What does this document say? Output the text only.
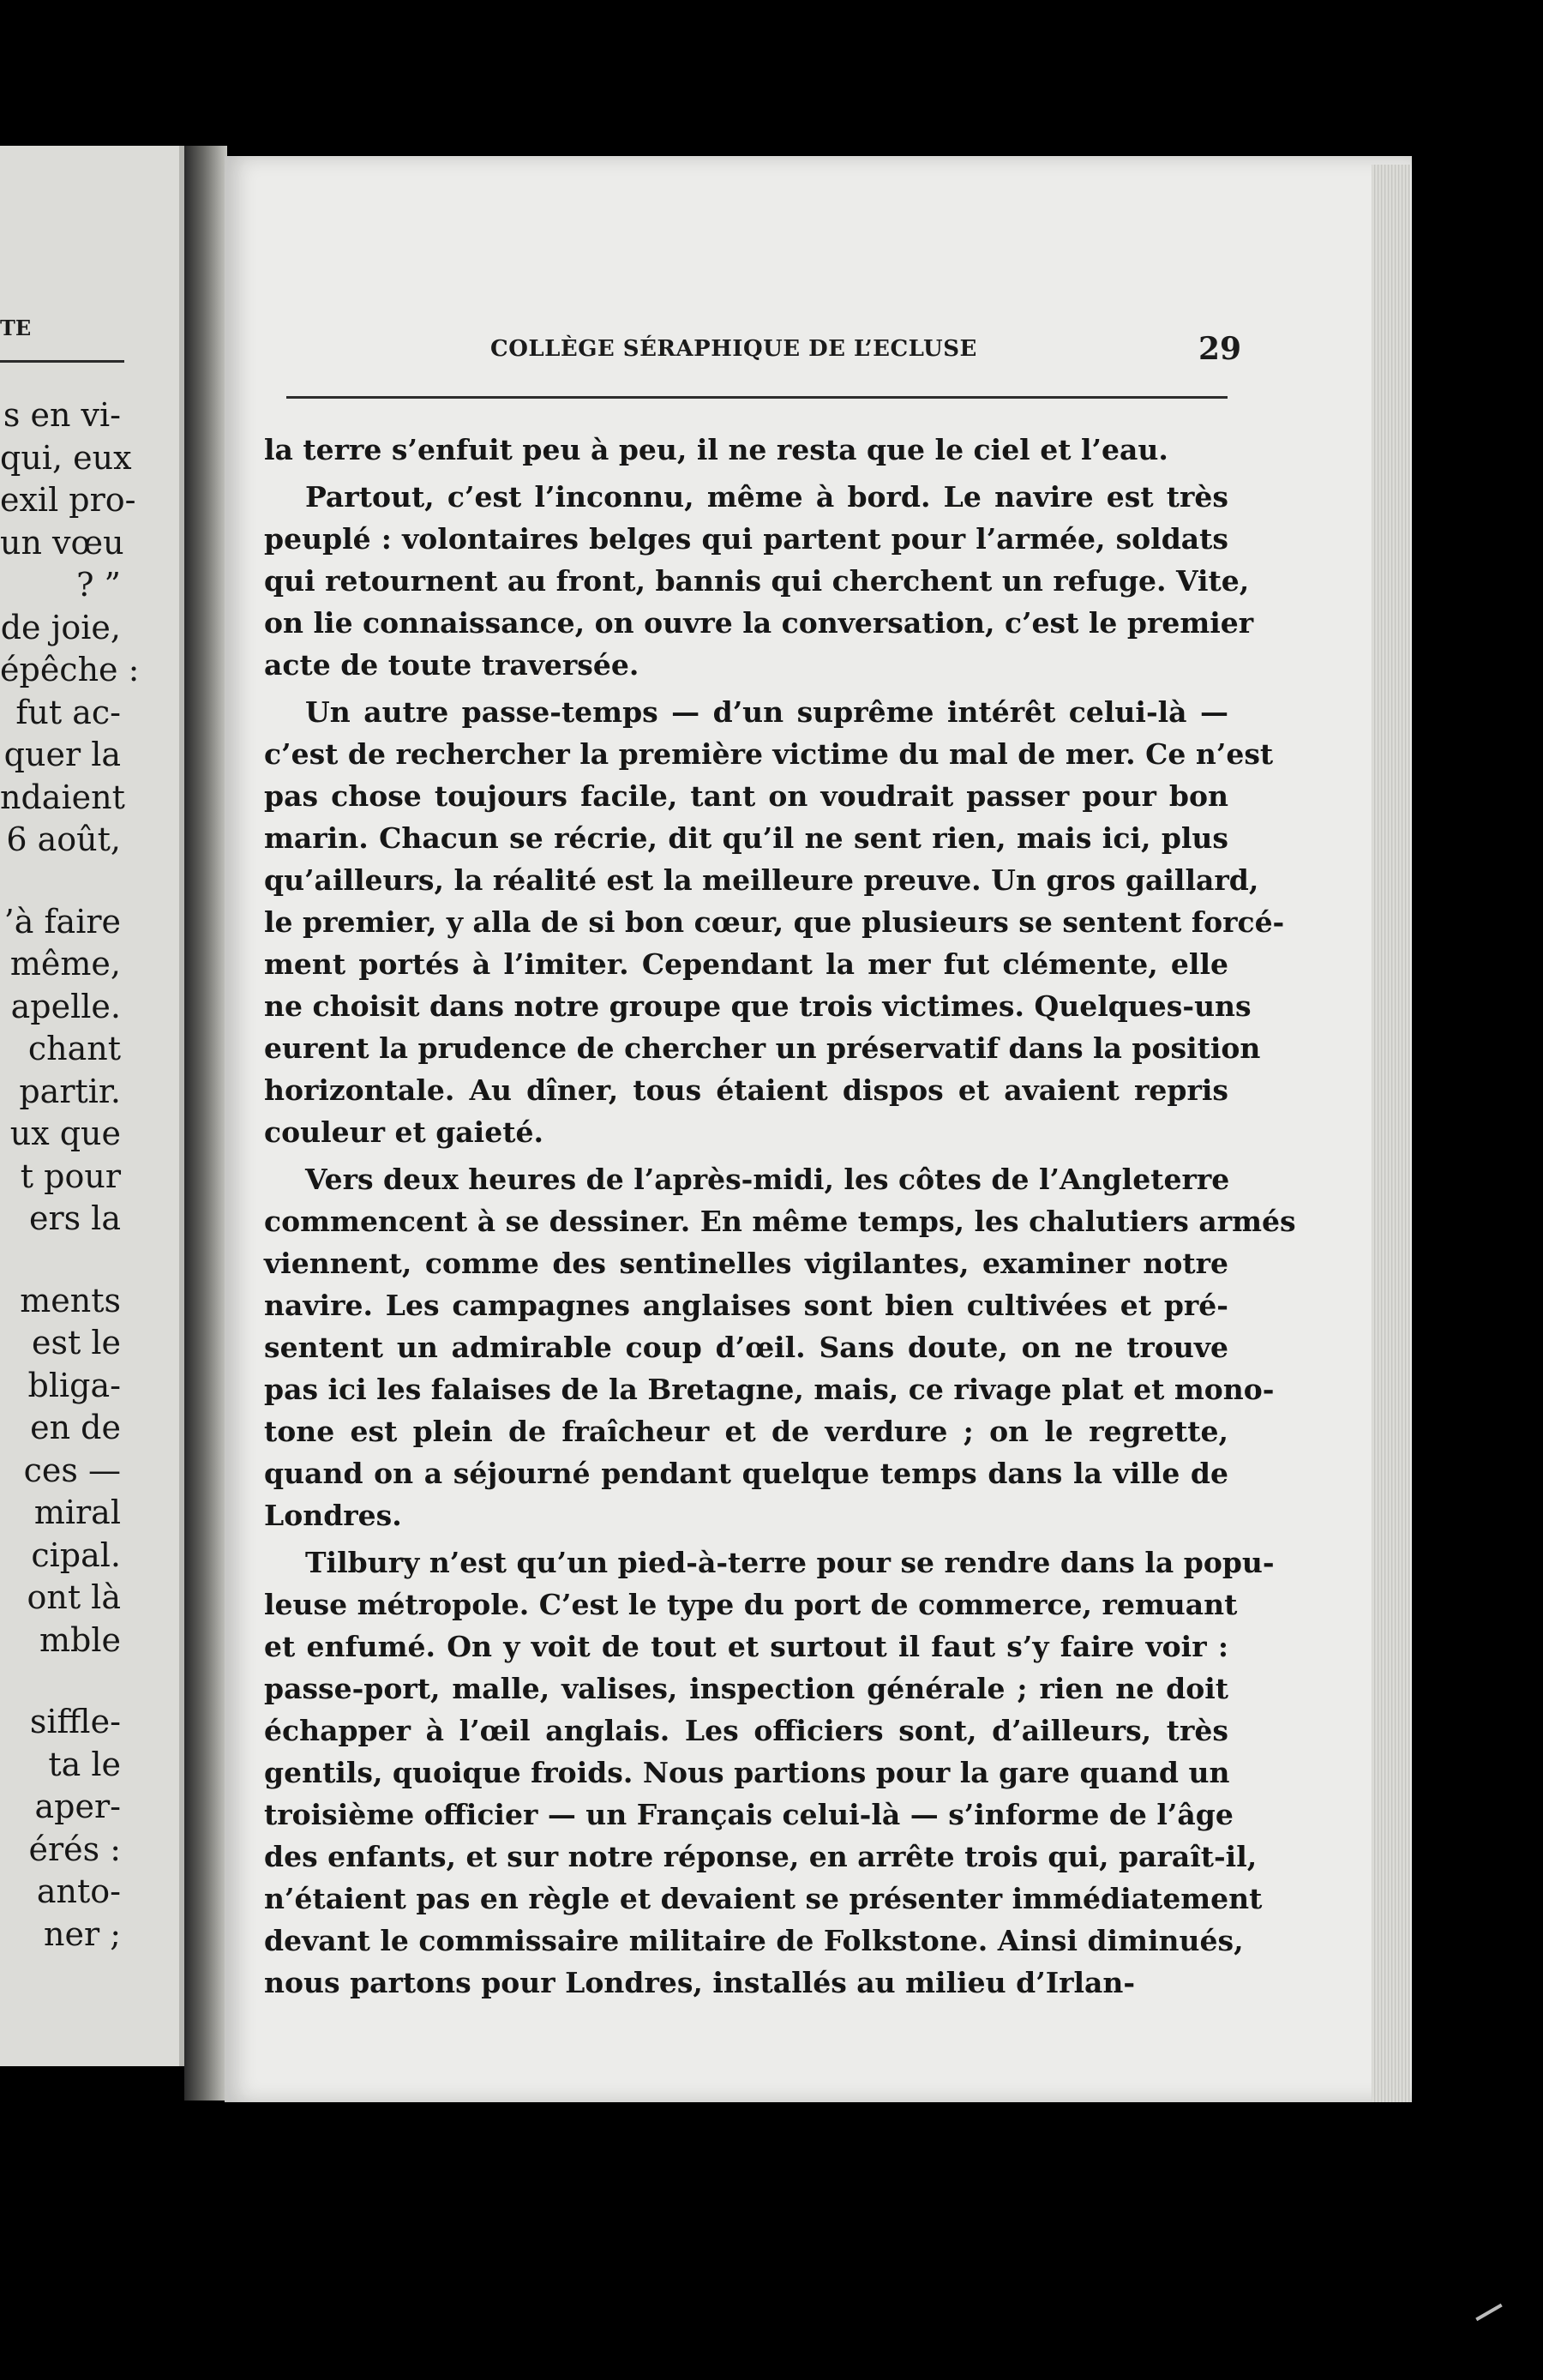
TE
s en vi-
qui, eux
exil pro-
un vœu
? ”
de joie,
épêche :
fut ac-
quer la
ndaient
6 août,
’à faire
même,
apelle.
chant
partir.
ux que
t pour
ers la
ments
est le
bliga-
en de
ces —
miral
cipal.
ont là
mble
siffle-
ta le
aper-
érés :
anto-
ner ;
COLLÈGE SÉRAPHIQUE DE L’ECLUSE	29
la terre s’enfuit peu à peu, il ne resta que le ciel et l’eau.
Partout, c’est l’inconnu, même à bord. Le navire est très
peuplé : volontaires belges qui partent pour l’armée, soldats
qui retournent au front, bannis qui cherchent un refuge. Vite,
on lie connaissance, on ouvre la conversation, c’est le premier
acte de toute traversée.
Un autre passe-temps — d’un suprême intérêt celui-là —
c’est de rechercher la première victime du mal de mer. Ce n’est
pas chose toujours facile, tant on voudrait passer pour bon
marin. Chacun se récrie, dit qu’il ne sent rien, mais ici, plus
qu’ailleurs, la réalité est la meilleure preuve. Un gros gaillard,
le premier, y alla de si bon cœur, que plusieurs se sentent forcé-
ment portés à l’imiter. Cependant la mer fut clémente, elle
ne choisit dans notre groupe que trois victimes. Quelques-uns
eurent la prudence de chercher un préservatif dans la position
horizontale. Au dîner, tous étaient dispos et avaient repris
couleur et gaieté.
Vers deux heures de l’après-midi, les côtes de l’Angleterre
commencent à se dessiner. En même temps, les chalutiers armés
viennent, comme des sentinelles vigilantes, examiner notre
navire. Les campagnes anglaises sont bien cultivées et pré-
sentent un admirable coup d’œil. Sans doute, on ne trouve
pas ici les falaises de la Bretagne, mais, ce rivage plat et mono-
tone est plein de fraîcheur et de verdure ; on le regrette,
quand on a séjourné pendant quelque temps dans la ville de
Londres.
Tilbury n’est qu’un pied-à-terre pour se rendre dans la popu-
leuse métropole. C’est le type du port de commerce, remuant
et enfumé. On y voit de tout et surtout il faut s’y faire voir :
passe-port, malle, valises, inspection générale ; rien ne doit
échapper à l’œil anglais. Les officiers sont, d’ailleurs, très
gentils, quoique froids. Nous partions pour la gare quand un
troisième officier — un Français celui-là — s’informe de l’âge
des enfants, et sur notre réponse, en arrête trois qui, paraît-il,
n’étaient pas en règle et devaient se présenter immédiatement
devant le commissaire militaire de Folkstone. Ainsi diminués,
nous partons pour Londres, installés au milieu d’Irlan-
